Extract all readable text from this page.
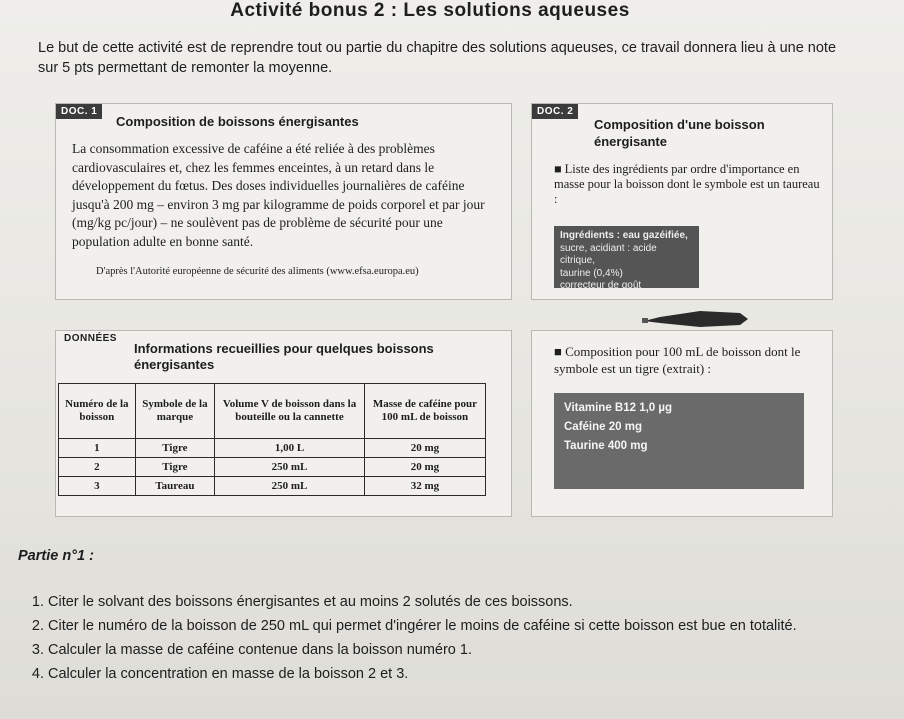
Activité bonus 2 : Les solutions aqueuses
Le but de cette activité est de reprendre tout ou partie du chapitre des solutions aqueuses, ce travail donnera lieu à une note sur 5 pts permettant de remonter la moyenne.
DOC. 1
Composition de boissons énergisantes
La consommation excessive de caféine a été reliée à des problèmes cardiovasculaires et, chez les femmes enceintes, à un retard dans le développement du fœtus. Des doses individuelles journalières de caféine jusqu'à 200 mg – environ 3 mg par kilogramme de poids corporel et par jour (mg/kg pc/jour) – ne soulèvent pas de problème de sécurité pour une population adulte en bonne santé.
D'après l'Autorité européenne de sécurité des aliments (www.efsa.europa.eu)
DOC. 2
Composition d'une boisson énergisante
■ Liste des ingrédients par ordre d'importance en masse pour la boisson dont le symbole est un taureau :
Ingrédients : eau gazéifiée,
sucre, acidiant : acide citrique,
taurine (0,4%)
correcteur de goût
DONNÉES
Informations recueillies pour quelques boissons énergisantes
Numéro de la boisson	Symbole de la marque	Volume V de boisson dans la bouteille ou la cannette	Masse de caféine pour 100 mL de boisson
1	Tigre	1,00 L	20 mg
2	Tigre	250 mL	20 mg
3	Taureau	250 mL	32 mg
■ Composition pour 100 mL de boisson dont le symbole est un tigre (extrait) :
Vitamine B12 1,0 µg
Caféine 20 mg
Taurine 400 mg
Partie n°1 :
1. Citer le solvant des boissons énergisantes et au moins 2 solutés de ces boissons.
2. Citer le numéro de la boisson de 250 mL qui permet d'ingérer le moins de caféine si cette boisson est bue en totalité.
3. Calculer la masse de caféine contenue dans la boisson numéro 1.
4. Calculer la concentration en masse de la boisson 2 et 3.
